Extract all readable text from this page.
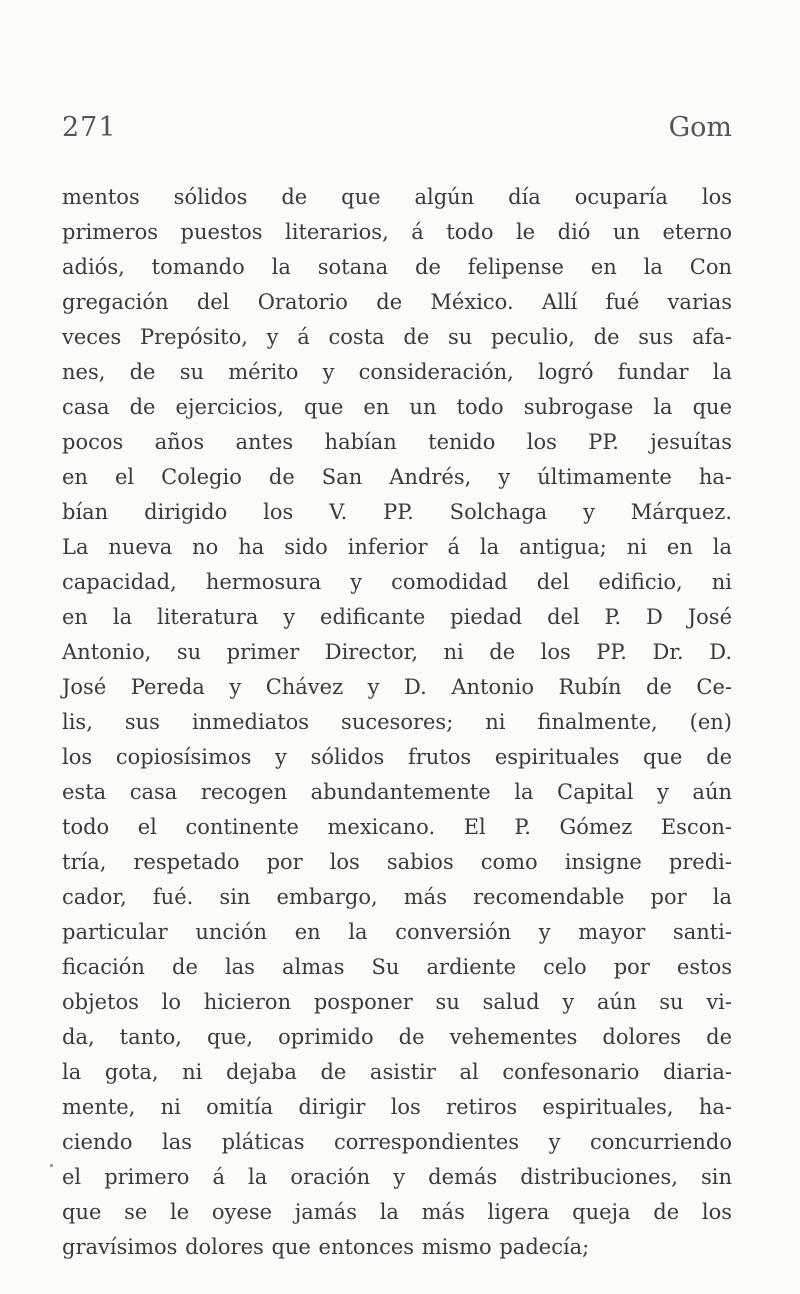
271	Gom
mentos sólidos de que algún día ocuparía los
primeros puestos literarios, á todo le dió un eterno
adiós, tomando la sotana de felipense en la Con
gregación del Oratorio de México. Allí fué varias
veces Prepósito, y á costa de su peculio, de sus afa-
nes, de su mérito y consideración, logró fundar la
casa de ejercicios, que en un todo subrogase la que
pocos años antes habían tenido los PP. jesuítas
en el Colegio de San Andrés, y últimamente ha-
bían dirigido los V. PP. Solchaga y Márquez.
La nueva no ha sido inferior á la antigua; ni en la
capacidad, hermosura y comodidad del edificio, ni
en la literatura y edificante piedad del P. D José
Antonio, su primer Director, ni de los PP. Dr. D.
José Pereda y Chávez y D. Antonio Rubín de Ce-
lis, sus inmediatos sucesores; ni finalmente, (en)
los copiosísimos y sólidos frutos espirituales que de
esta casa recogen abundantemente la Capital y aún
todo el continente mexicano. El P. Gómez Escon-
tría, respetado por los sabios como insigne predi-
cador, fué. sin embargo, más recomendable por la
particular unción en la conversión y mayor santi-
ficación de las almas Su ardiente celo por estos
objetos lo hicieron posponer su salud y aún su vi-
da, tanto, que, oprimido de vehementes dolores de
la gota, ni dejaba de asistir al confesonario diaria-
mente, ni omitía dirigir los retiros espirituales, ha-
ciendo las pláticas correspondientes y concurriendo
el primero á la oración y demás distribuciones, sin
que se le oyese jamás la más ligera queja de los
gravísimos dolores que entonces mismo padecía;
